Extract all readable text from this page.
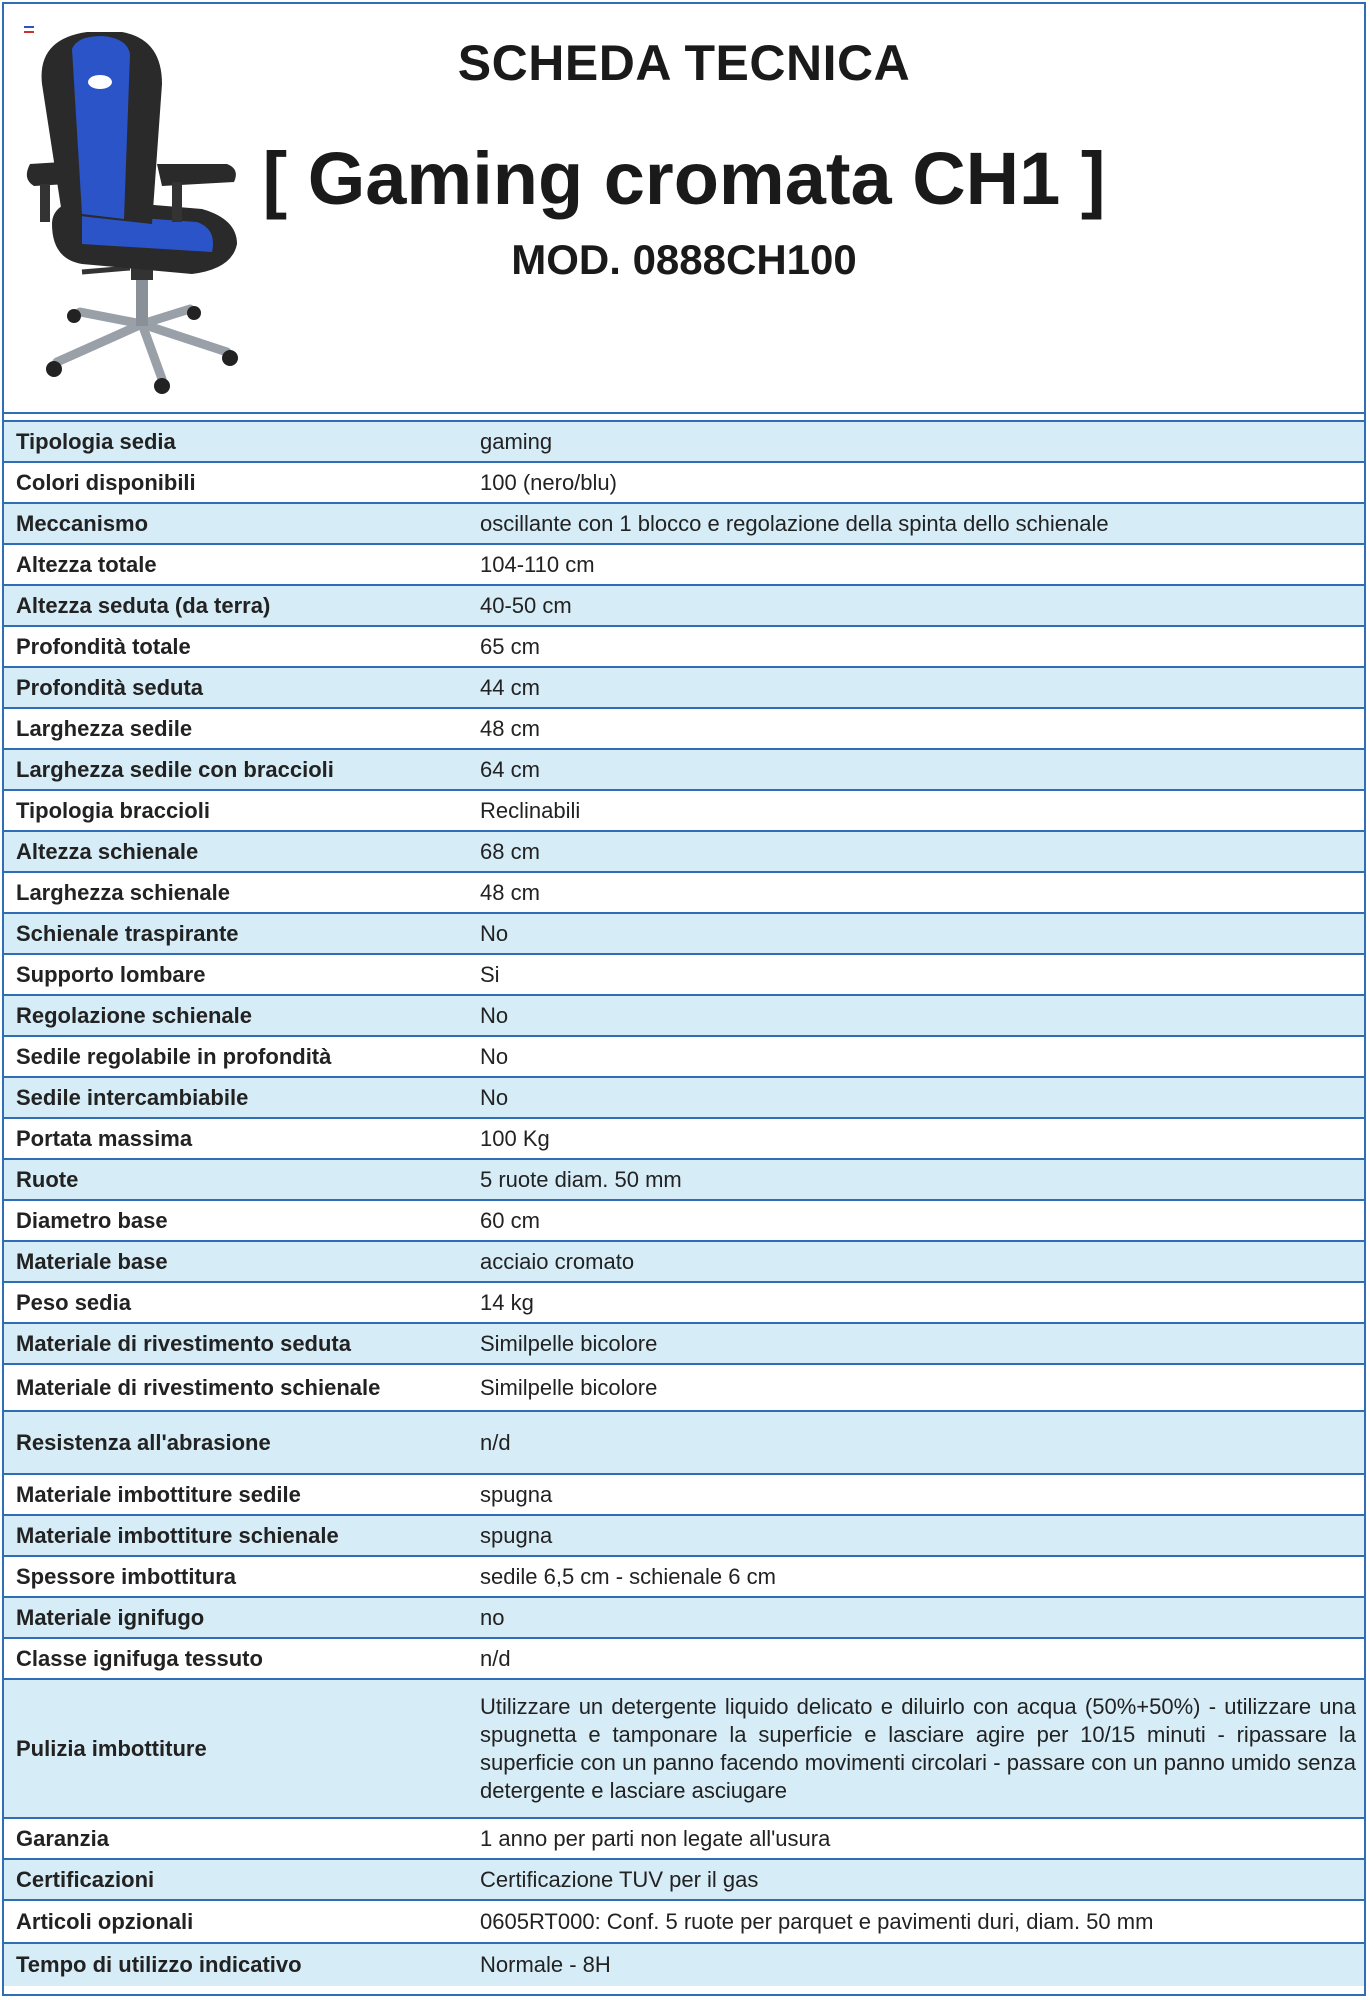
SCHEDA TECNICA
[ Gaming cromata CH1 ]
MOD. 0888CH100
Tipologia sedia	gaming
Colori disponibili	100 (nero/blu)
Meccanismo	oscillante con 1 blocco e regolazione della spinta dello schienale
Altezza totale	104-110 cm
Altezza seduta (da terra)	40-50 cm
Profondità totale	65 cm
Profondità seduta	44 cm
Larghezza sedile	48 cm
Larghezza sedile con braccioli	64 cm
Tipologia braccioli	Reclinabili
Altezza schienale	68 cm
Larghezza schienale	48 cm
Schienale traspirante	No
Supporto lombare	Si
Regolazione schienale	No
Sedile regolabile in profondità	No
Sedile intercambiabile	No
Portata massima	100 Kg
Ruote	5 ruote diam. 50 mm
Diametro base	60 cm
Materiale base	acciaio cromato
Peso sedia	14 kg
Materiale di rivestimento seduta	Similpelle bicolore
Materiale di rivestimento schienale	Similpelle bicolore
Resistenza all'abrasione	n/d
Materiale imbottiture sedile	spugna
Materiale imbottiture schienale	spugna
Spessore imbottitura	sedile 6,5 cm - schienale 6 cm
Materiale ignifugo	no
Classe ignifuga tessuto	n/d
Pulizia imbottiture	Utilizzare un detergente liquido delicato e diluirlo con acqua (50%+50%) - utilizzare una spugnetta e tamponare la superficie e lasciare agire per 10/15 minuti - ripassare la superficie con un panno facendo movimenti circolari - passare con un panno umido senza detergente e lasciare asciugare
Garanzia	1 anno per parti non legate all'usura
Certificazioni	Certificazione TUV per il gas
Articoli opzionali	0605RT000: Conf. 5 ruote per parquet e pavimenti duri, diam. 50 mm
Tempo di utilizzo indicativo	Normale - 8H
